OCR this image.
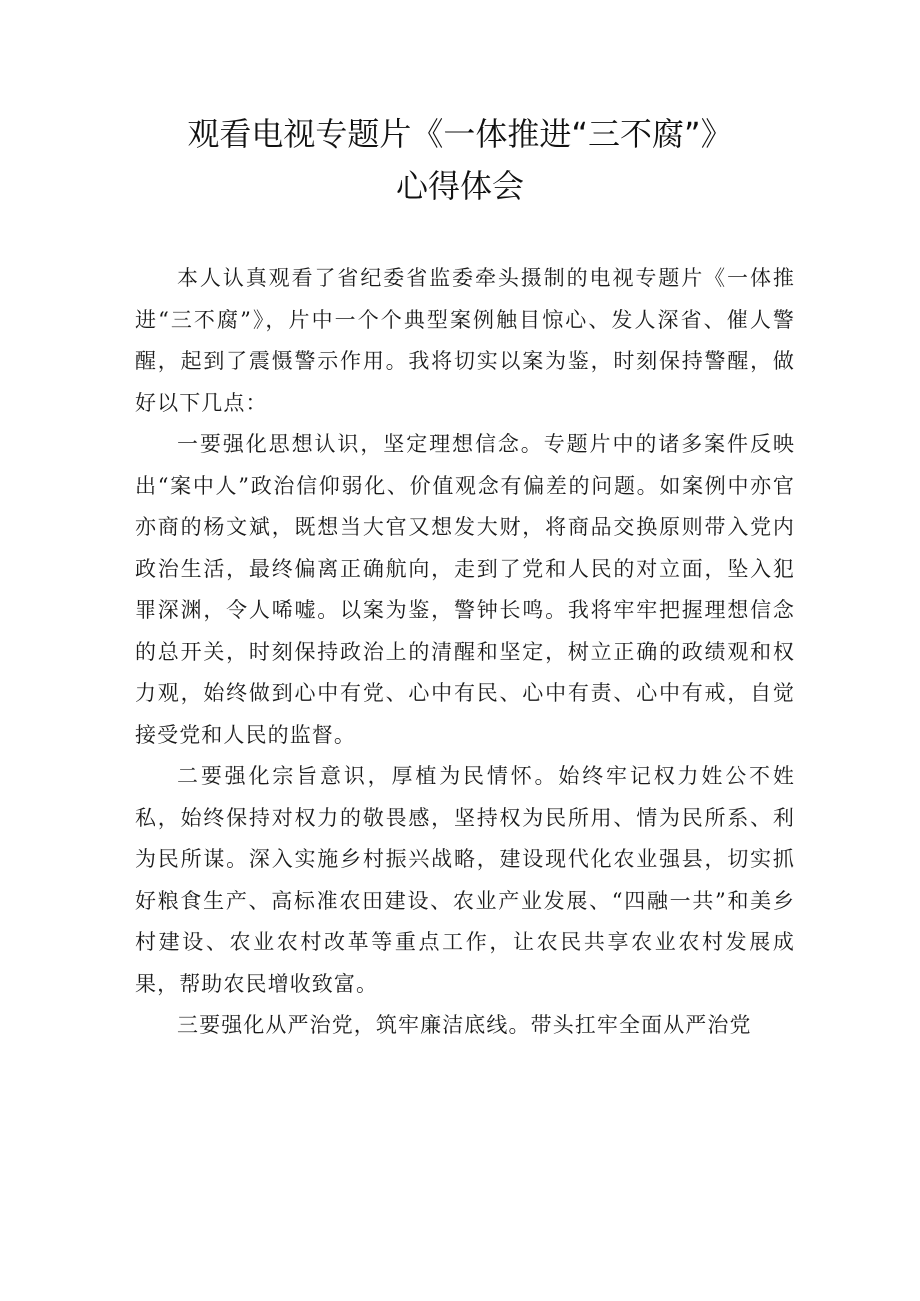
观看电视专题片《一体推进“三不腐”》
心得体会

本人认真观看了省纪委省监委牵头摄制的电视专题片《一体推进“三不腐”》，片中一个个典型案例触目惊心、发人深省、催人警醒，起到了震慑警示作用。我将切实以案为鉴，时刻保持警醒，做好以下几点：

一要强化思想认识，坚定理想信念。专题片中的诸多案件反映出“案中人”政治信仰弱化、价值观念有偏差的问题。如案例中亦官亦商的杨文斌，既想当大官又想发大财，将商品交换原则带入党内政治生活，最终偏离正确航向，走到了党和人民的对立面，坠入犯罪深渊，令人唏嘘。以案为鉴，警钟长鸣。我将牢牢把握理想信念的总开关，时刻保持政治上的清醒和坚定，树立正确的政绩观和权力观，始终做到心中有党、心中有民、心中有责、心中有戒，自觉接受党和人民的监督。

二要强化宗旨意识，厚植为民情怀。始终牢记权力姓公不姓私，始终保持对权力的敬畏感，坚持权为民所用、情为民所系、利为民所谋。深入实施乡村振兴战略，建设现代化农业强县，切实抓好粮食生产、高标准农田建设、农业产业发展、“四融一共”和美乡村建设、农业农村改革等重点工作，让农民共享农业农村发展成果，帮助农民增收致富。

三要强化从严治党，筑牢廉洁底线。带头扛牢全面从严治党
